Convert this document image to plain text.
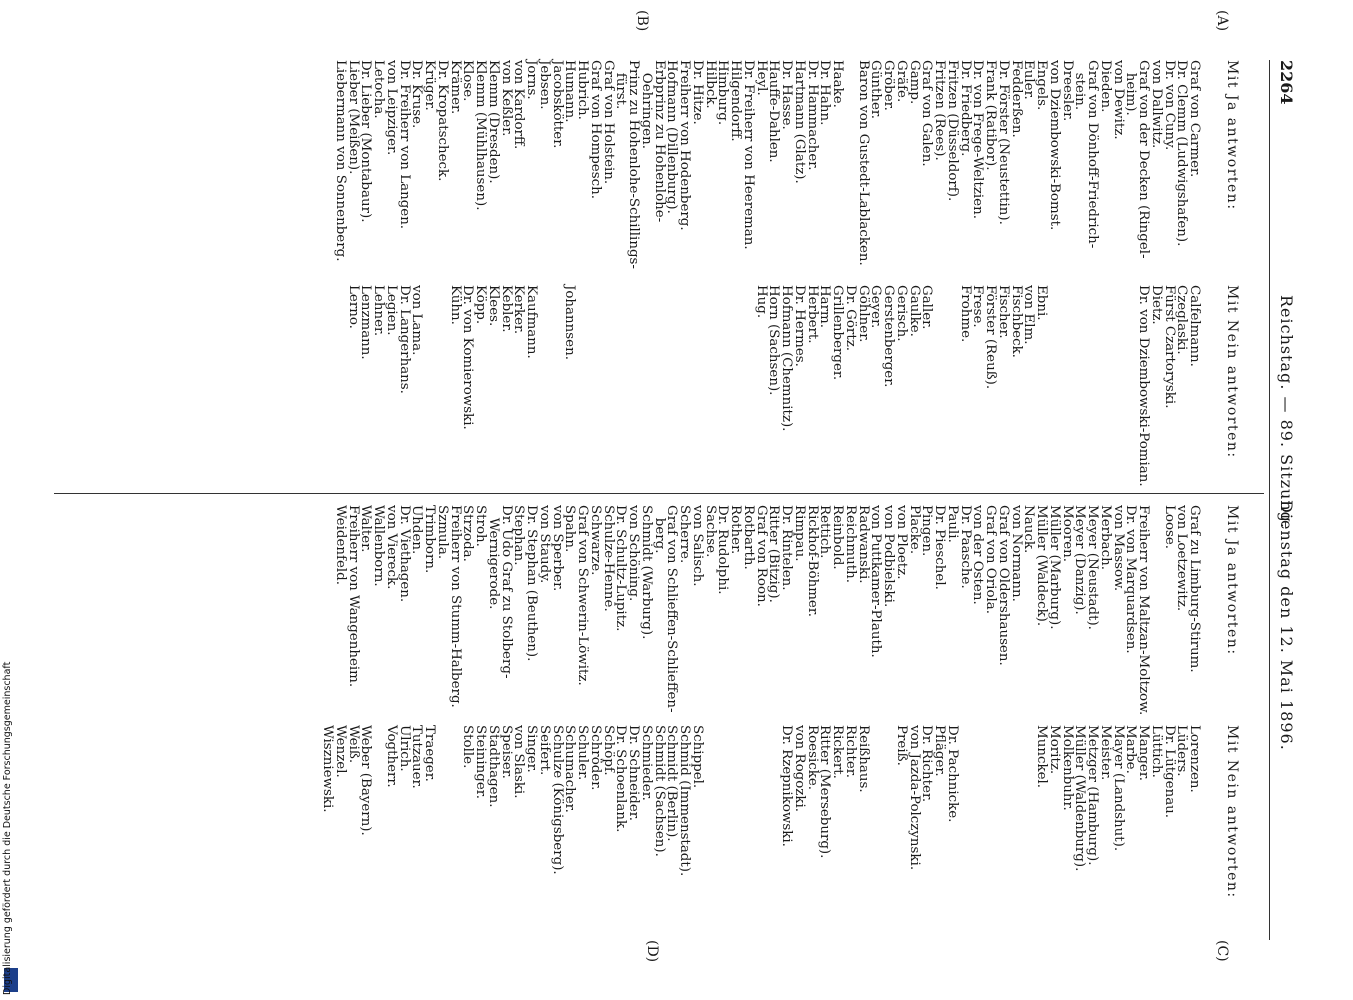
2264
Reichstag. — 89. Sitzung.
Dienstag den 12. Mai 1896.
(A)
(B)
(C)
(D)

Mit Ja antworten:

Graf von Carmer.
Dr. Clemm (Ludwigshafen).
Dr. von Cuny.
von Dallwitz.
Graf von der Decken (Ringel-
heim).
von Dewitz.
Dieden.
Graf von Dönhoff-Friedrich-
stein.
Dreesler.
von Dziembowski-Bomst.
Engels.
Euler.
Fedderßen.
Dr. Förster (Neustettin).
Frank (Ratibor).
Dr. von Frege-Weltzien.
Dr. Friedberg.
Fritzen (Düsseldorf).
Fritzen (Rees).
Graf von Galen.
Gamp.
Gräfe.
Gröber.
Günther.
Baron von Gustedt-Lablacken.

Haake.
Dr. Hahn.
Dr. Hammacher.
Hartmann (Glatz).
Dr. Hasse.
Hauffe-Dahlen.
Heyl.
Dr. Freiherr von Heereman.
Hilgendorff.
Himburg.
Hilbck.
Dr. Hitze.
Freiherr von Hodenberg.
Hofmann (Dillenburg).
Erbprinz zu Hohenlohe-
Oehringen.
Prinz zu Hohenlohe-Schillings-
fürst.
Graf von Holstein.
Graf von Hompesch.
Hubrich.
Humann.
Jacobskötter.
Jebsen.
Jorns.
von Kardorff.
von Keßler.
Klemm (Dresden).
Klemm (Mühlhausen).
Klose.
Krämer.
Dr. Kropatscheck.
Krüger.
Dr. Kruse.
Dr. Freiherr von Langen.
von Leipziger.
Letocha.
Dr. Lieber (Montabaur).
Lieber (Meißen).
Liebermann von Sonnenberg.

Mit Nein antworten:

Calfelmann.
Czeglaski.
Fürst Czartoryski.
Dietz.
Dr. von Dziembowski-Pomian.

Ebni.
von Elm.
Fischbeck.
Fischer.
Förster (Reuß).
Frese.
Frohme.

Galler.
Gaulke.
Gerisch.
Gerstenberger.
Geyer.
Göhlner.
Dr. Görtz.
Grillenberger.
Harm.
Herbert.
Dr. Hermes.
Hofmann (Chemnitz).
Horn (Sachsen).
Hug.

Johannsen.

Kaufmann.
Kerker.
Kebler.
Klees.
Köpp.
Dr. von Komierowski.
Kühn.

von Lama.
Dr. Langerhans.
Legien.
Lehner.
Lenzmann.
Lerno.

Mit Ja antworten:

Graf zu Limburg-Stirum.
von Loetzewitz.
Loose.

Freiherr von Maltzan-Moltzow.
Dr. von Marquardsen.
von Massow.
Merbach.
Meyer (Neustadt).
Meyer (Danzig).
Mooren.
Müller (Marburg).
Müller (Waldeck).
Nauck.
von Normann.
Graf von Oldershausen.
Graf von Oriola.
von der Osten.
Dr. Paasche.
Pauli.
Dr. Pieschel.
Pingen.
Placke.
von Ploetz.
von Podbielski.
von Puttkamer-Plauth.
Radwanski.
Reichmuth.
Reinbold.
Rettich.
Rickhof-Böhmer.
Rimpau.
Dr. Rintelen.
Ritter (Bitzig).
Graf von Roon.
Rotbarth.
Rother.
Dr. Rudolphi.
Sachse.
von Salisch.
Scherre.
Graf von Schlieffen-Schlieffen-
berg.
Schmidt (Warburg).
von Schöning.
Dr. Schultz-Lupitz.
Schulze-Henne.
Schwarze.
Graf von Schwerin-Löwitz.
Spahn.
von Sperber.
von Staudy.
Dr. Stephan (Beuthen).
Stephan.
Dr. Udo Graf zu Stolberg-
Wernigerode.
Stroh.
Strzoda.
Freiherr von Stumm-Halberg.
Szmula.
Trimborn.
Uhden.
Dr. Viethagen.
von Viereck.
Wallenborn.
Walter.
Freiherr von Wangenheim.
Weidenfeld.

Mit Nein antworten:

Lorenzen.
Lüders.
Dr. Lütgenau.
Lüttich.
Manger.
Marbe.
Mayer (Landshut).
Meister.
Metzger (Hamburg).
Müller (Waldenburg).
Molkenbuhr.
Moritz.
Munckel.

Dr. Pachnicke.
Pfläger.
Dr. Richter.
von Jazda-Polczynski.
Preiß.

Reißhaus.
Richter.
Rickert.
Ritter (Merseburg).
Roesicke.
von Rogozki.
Dr. Rzepnikowski.

Schippel.
Schmid (Immenstadt).
Schmidt (Berlin).
Schmidt (Sachsen).
Schmieder.
Dr. Schneider.
Dr. Schoenlank.
Schöpf.
Schröder.
Schuler.
Schumacher.
Schulze (Königsberg).
Seifert.
Singer.
von Slaski.
Speiser.
Stadthagen.
Steininger.
Stolle.

Traeger.
Tutzauer.
Ulrich.
Vogtherr.

Weber (Bayern).
Weiß.
Wenzel.
Wiszniewski.
Digitalisierung gefördert durch die Deutsche Forschungsgemeinschaft
